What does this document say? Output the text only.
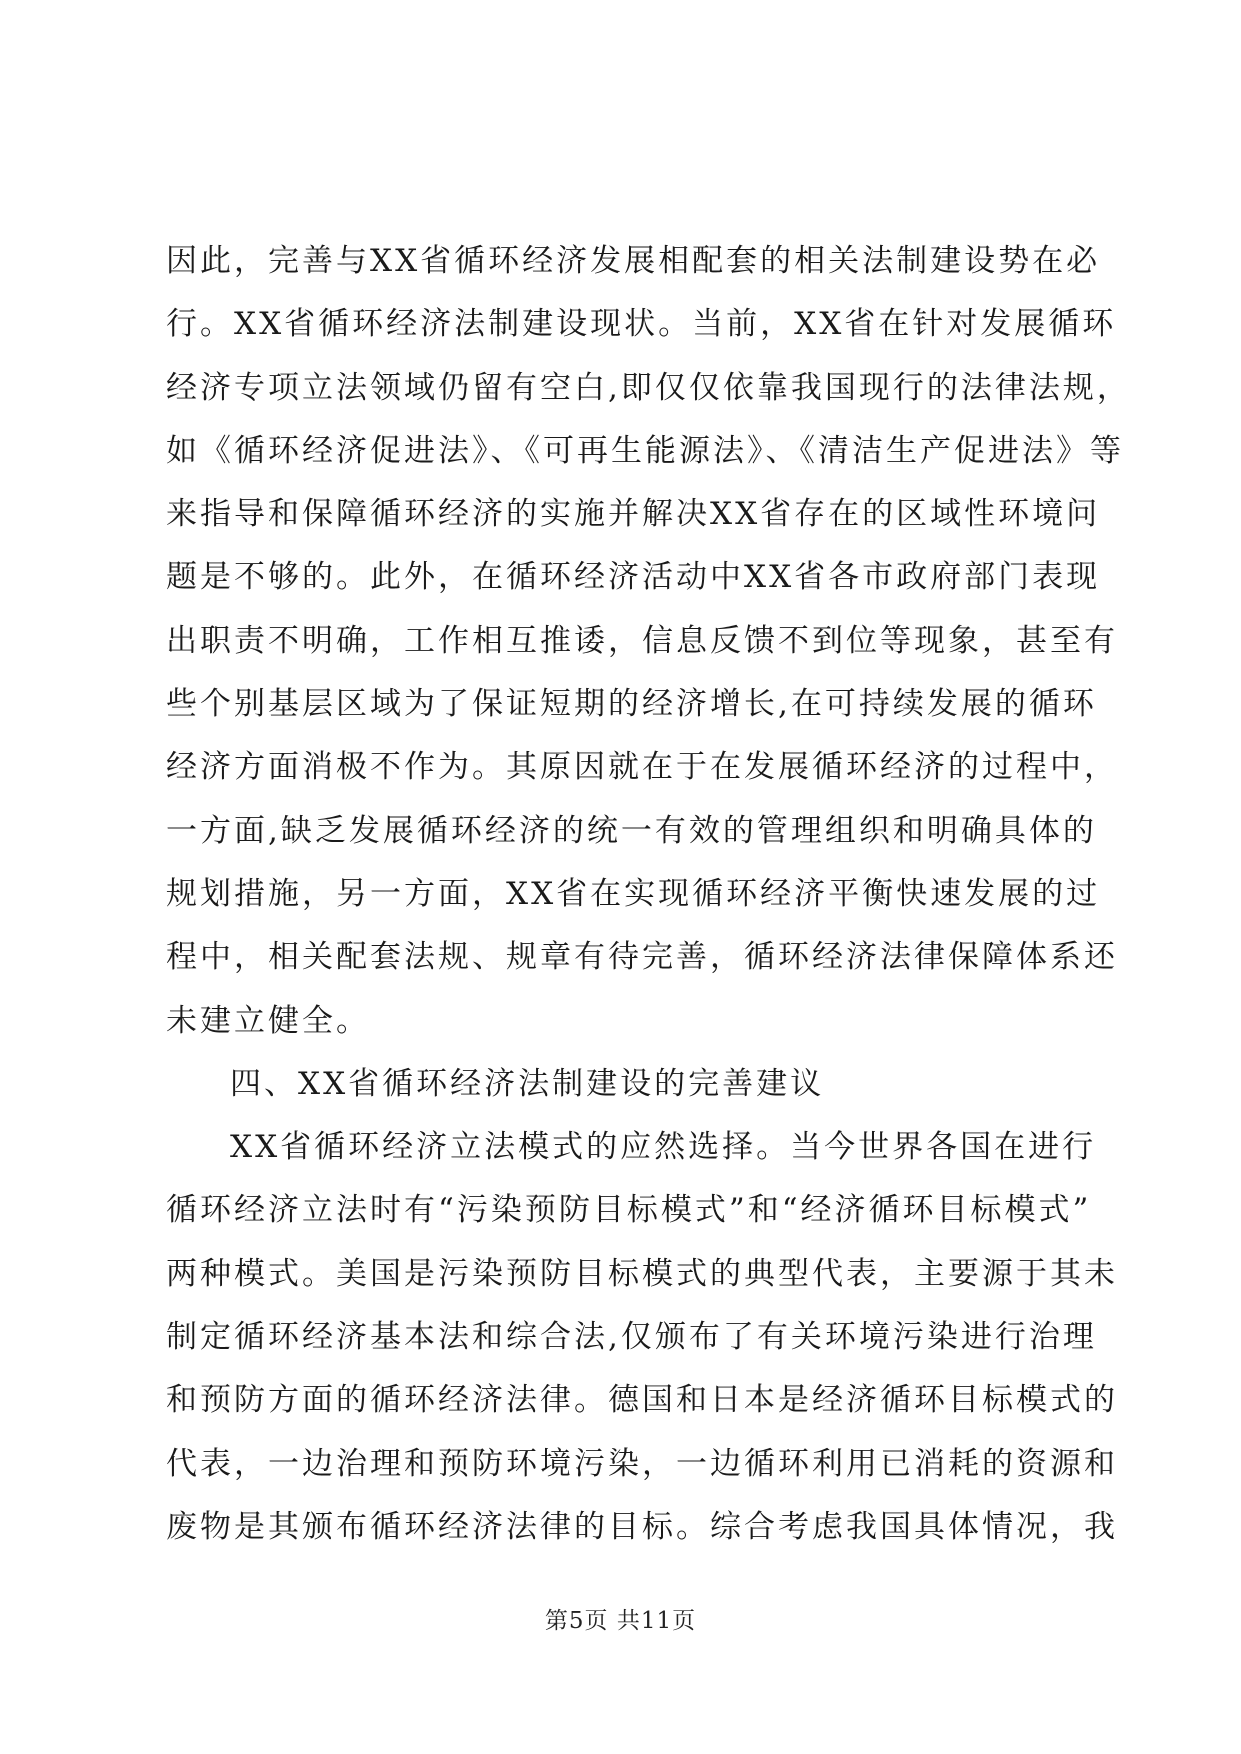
因此，完善与XX省循环经济发展相配套的相关法制建设势在必
行。XX省循环经济法制建设现状。当前，XX省在针对发展循环
经济专项立法领域仍留有空白,即仅仅依靠我国现行的法律法规，
如《循环经济促进法》、《可再生能源法》、《清洁生产促进法》等
来指导和保障循环经济的实施并解决XX省存在的区域性环境问
题是不够的。此外，在循环经济活动中XX省各市政府部门表现
出职责不明确，工作相互推诿，信息反馈不到位等现象，甚至有
些个别基层区域为了保证短期的经济增长,在可持续发展的循环
经济方面消极不作为。其原因就在于在发展循环经济的过程中，
一方面,缺乏发展循环经济的统一有效的管理组织和明确具体的
规划措施，另一方面，XX省在实现循环经济平衡快速发展的过
程中，相关配套法规、规章有待完善，循环经济法律保障体系还
未建立健全。
四、XX省循环经济法制建设的完善建议
XX省循环经济立法模式的应然选择。当今世界各国在进行
循环经济立法时有“污染预防目标模式”和“经济循环目标模式”
两种模式。美国是污染预防目标模式的典型代表，主要源于其未
制定循环经济基本法和综合法,仅颁布了有关环境污染进行治理
和预防方面的循环经济法律。德国和日本是经济循环目标模式的
代表，一边治理和预防环境污染，一边循环利用已消耗的资源和
废物是其颁布循环经济法律的目标。综合考虑我国具体情况，我
第5页 共11页
